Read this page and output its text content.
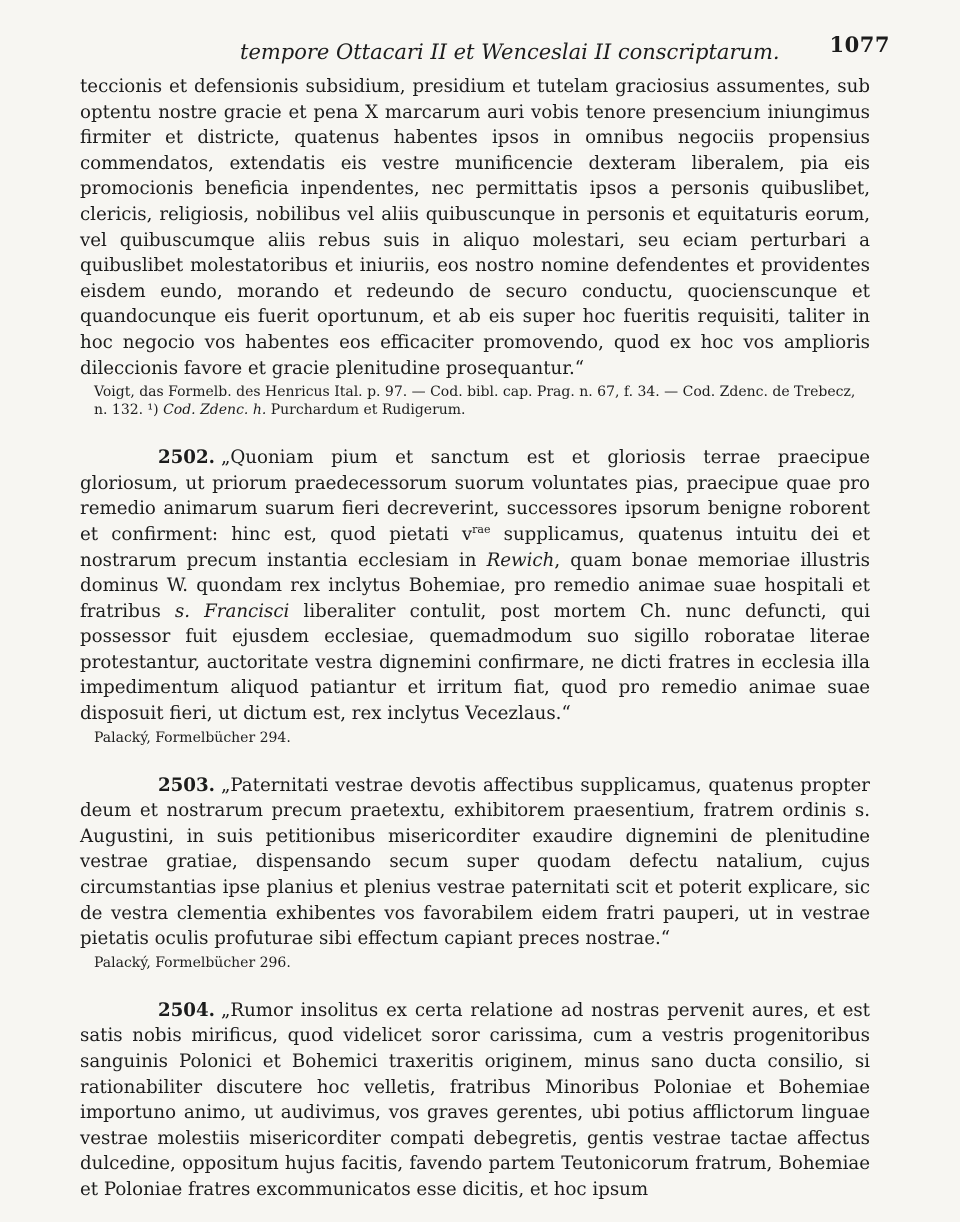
tempore Ottacari II et Wenceslai II conscriptarum. 1077

teccionis et defensionis subsidium, presidium et tutelam graciosius assumentes, sub optentu nostre gracie et pena X marcarum auri vobis tenore presencium iniungimus firmiter et districte, quatenus habentes ipsos in omnibus negociis propensius commendatos, extendatis eis vestre munificencie dexteram liberalem, pia eis promocionis beneficia inpendentes, nec permittatis ipsos a personis quibuslibet, clericis, religiosis, nobilibus vel aliis quibuscunque in personis et equitaturis eorum, vel quibuscumque aliis rebus suis in aliquo molestari, seu eciam perturbari a quibuslibet molestatoribus et iniuriis, eos nostro nomine defendentes et providentes eisdem eundo, morando et redeundo de securo conductu, quocienscunque et quandocunque eis fuerit oportunum, et ab eis super hoc fueritis requisiti, taliter in hoc negocio vos habentes eos efficaciter promovendo, quod ex hoc vos amplioris dileccionis favore et gracie plenitudine prosequantur.“

Voigt, das Formelb. des Henricus Ital. p. 97. — Cod. bibl. cap. Prag. n. 67, f. 34. — Cod. Zdenc. de Trebecz, n. 132. ¹) Cod. Zdenc. h. Purchardum et Rudigerum.

2502. „Quoniam pium et sanctum est et gloriosis terrae praecipue gloriosum, ut priorum praedecessorum suorum voluntates pias, praecipue quae pro remedio animarum suarum fieri decreverint, successores ipsorum benigne roborent et confirment: hinc est, quod pietati $v^{rae}$ supplicamus, quatenus intuitu dei et nostrarum precum instantia ecclesiam in Rewich, quam bonae memoriae illustris dominus W. quondam rex inclytus Bohemiae, pro remedio animae suae hospitali et fratribus s. Francisci liberaliter contulit, post mortem Ch. nunc defuncti, qui possessor fuit ejusdem ecclesiae, quemadmodum suo sigillo roboratae literae protestantur, auctoritate vestra dignemini confirmare, ne dicti fratres in ecclesia illa impedimentum aliquod patiantur et irritum fiat, quod pro remedio animae suae disposuit fieri, ut dictum est, rex inclytus Vecezlaus.“

Palacký, Formelbücher 294.

2503. „Paternitati vestrae devotis affectibus supplicamus, quatenus propter deum et nostrarum precum praetextu, exhibitorem praesentium, fratrem ordinis s. Augustini, in suis petitionibus misericorditer exaudire dignemini de plenitudine vestrae gratiae, dispensando secum super quodam defectu natalium, cujus circumstantias ipse planius et plenius vestrae paternitati scit et poterit explicare, sic de vestra clementia exhibentes vos favorabilem eidem fratri pauperi, ut in vestrae pietatis oculis profuturae sibi effectum capiant preces nostrae.“

Palacký, Formelbücher 296.

2504. „Rumor insolitus ex certa relatione ad nostras pervenit aures, et est satis nobis mirificus, quod videlicet soror carissima, cum a vestris progenitoribus sanguinis Polonici et Bohemici traxeritis originem, minus sano ducta consilio, si rationabiliter discutere hoc velletis, fratribus Minoribus Poloniae et Bohemiae importuno animo, ut audivimus, vos graves gerentes, ubi potius afflictorum linguae vestrae molestiis misericorditer compati debegretis, gentis vestrae tactae affectus dulcedine, oppositum hujus facitis, favendo partem Teutonicorum fratrum, Bohemiae et Poloniae fratres excommunicatos esse dicitis, et hoc ipsum
